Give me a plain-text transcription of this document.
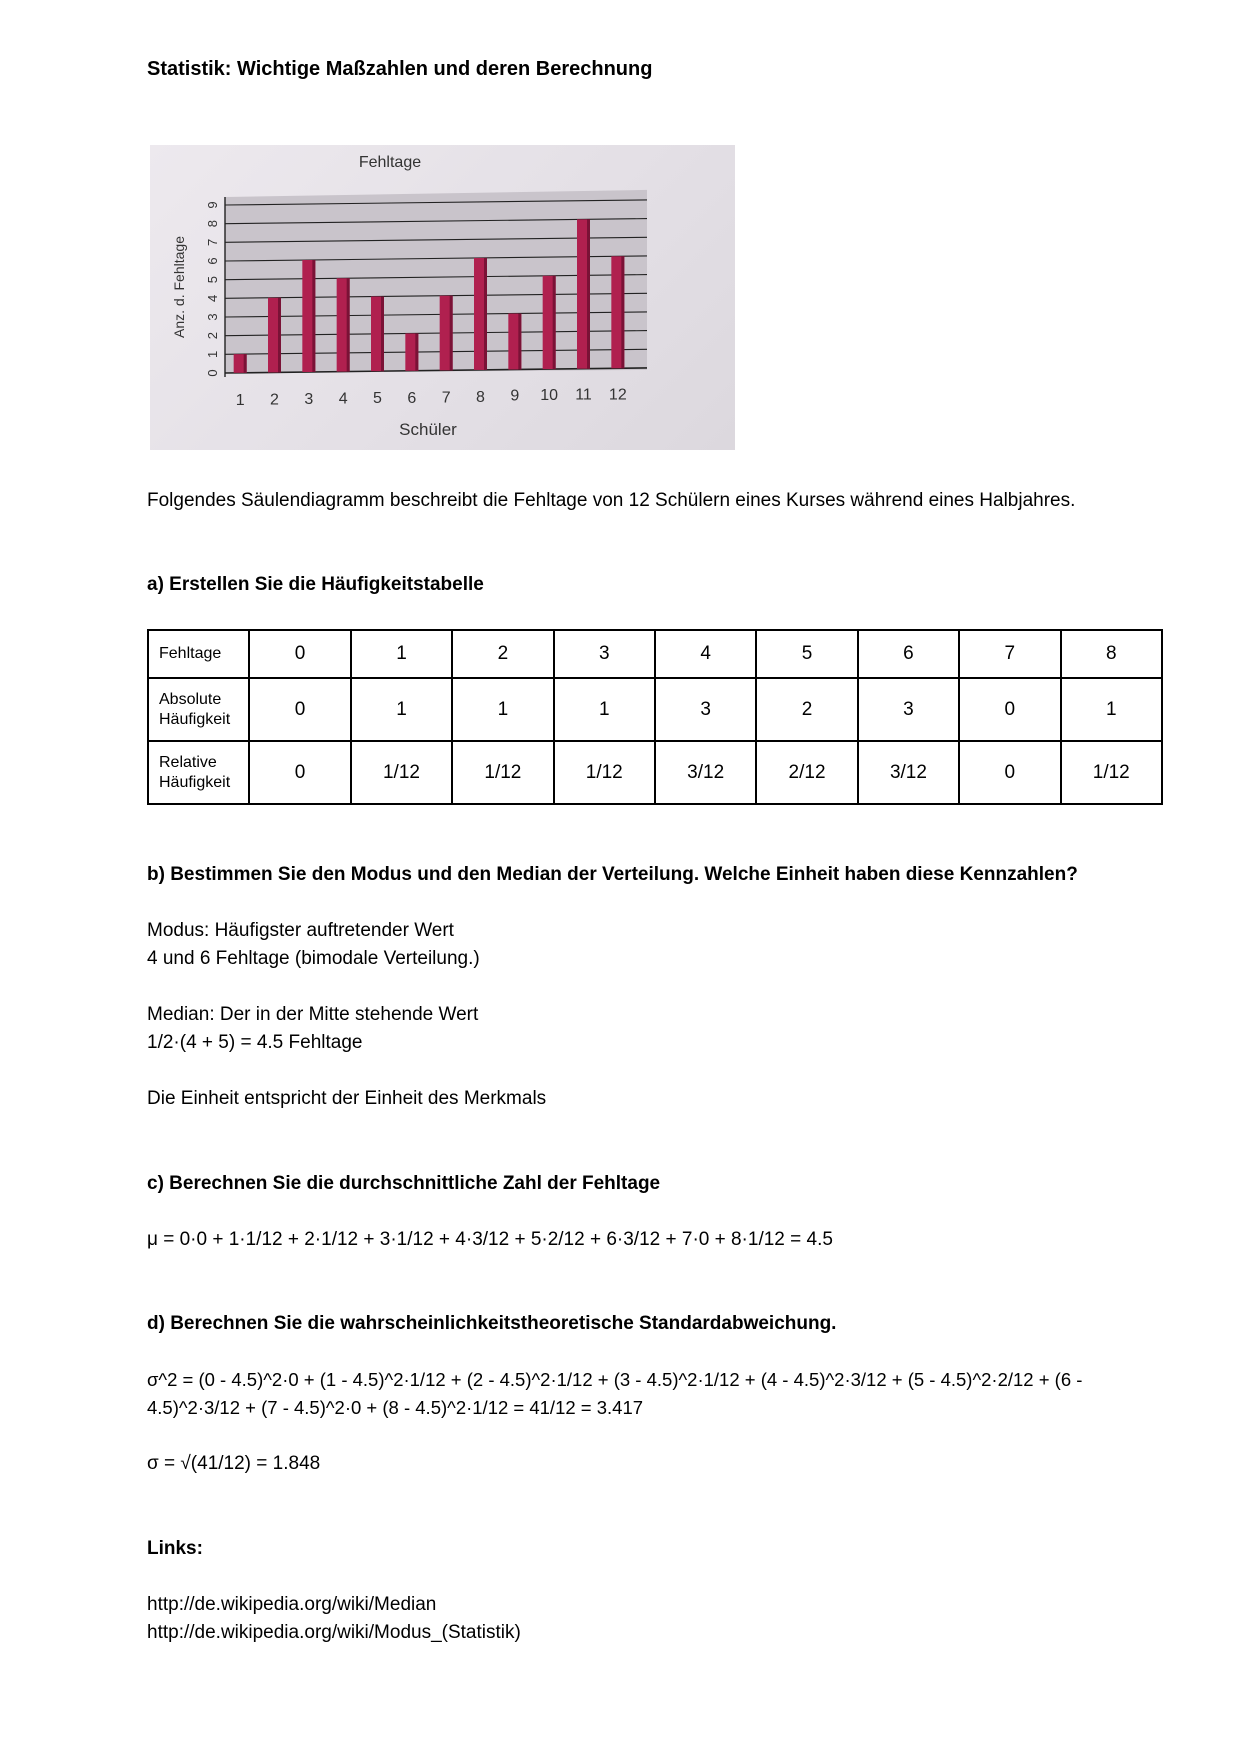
Statistik: Wichtige Maßzahlen und deren Berechnung
0
1
2
3
4
5
6
7
8
9
1 2 3 4 5 6 7 8 9 10 11 12
Fehltage
Schüler
Anz. d. Fehltage
Folgendes Säulendiagramm beschreibt die Fehltage von 12 Schülern eines Kurses während eines Halbjahres.
a) Erstellen Sie die Häufigkeitstabelle
Fehltage	0	1	2	3	4	5	6	7	8

Absolute
Häufigkeit	0	1	1	1	3	2	3	0	1

Relative
Häufigkeit	0	1/12	1/12	1/12	3/12	2/12	3/12	0	1/12
b) Bestimmen Sie den Modus und den Median der Verteilung. Welche Einheit haben diese Kennzahlen?
Modus: Häufigster auftretender Wert
4 und 6 Fehltage (bimodale Verteilung.)
Median: Der in der Mitte stehende Wert
1/2·(4 + 5) = 4.5 Fehltage
Die Einheit entspricht der Einheit des Merkmals
c) Berechnen Sie die durchschnittliche Zahl der Fehltage
μ = 0·0 + 1·1/12 + 2·1/12 + 3·1/12 + 4·3/12 + 5·2/12 + 6·3/12 + 7·0 + 8·1/12 = 4.5
d) Berechnen Sie die wahrscheinlichkeitstheoretische Standardabweichung.
σ^2 = (0 - 4.5)^2·0 + (1 - 4.5)^2·1/12 + (2 - 4.5)^2·1/12 + (3 - 4.5)^2·1/12 + (4 - 4.5)^2·3/12 + (5 - 4.5)^2·2/12 + (6 -
4.5)^2·3/12 + (7 - 4.5)^2·0 + (8 - 4.5)^2·1/12 = 41/12 = 3.417
σ = √(41/12) = 1.848
Links:
http://de.wikipedia.org/wiki/Median
http://de.wikipedia.org/wiki/Modus_(Statistik)
